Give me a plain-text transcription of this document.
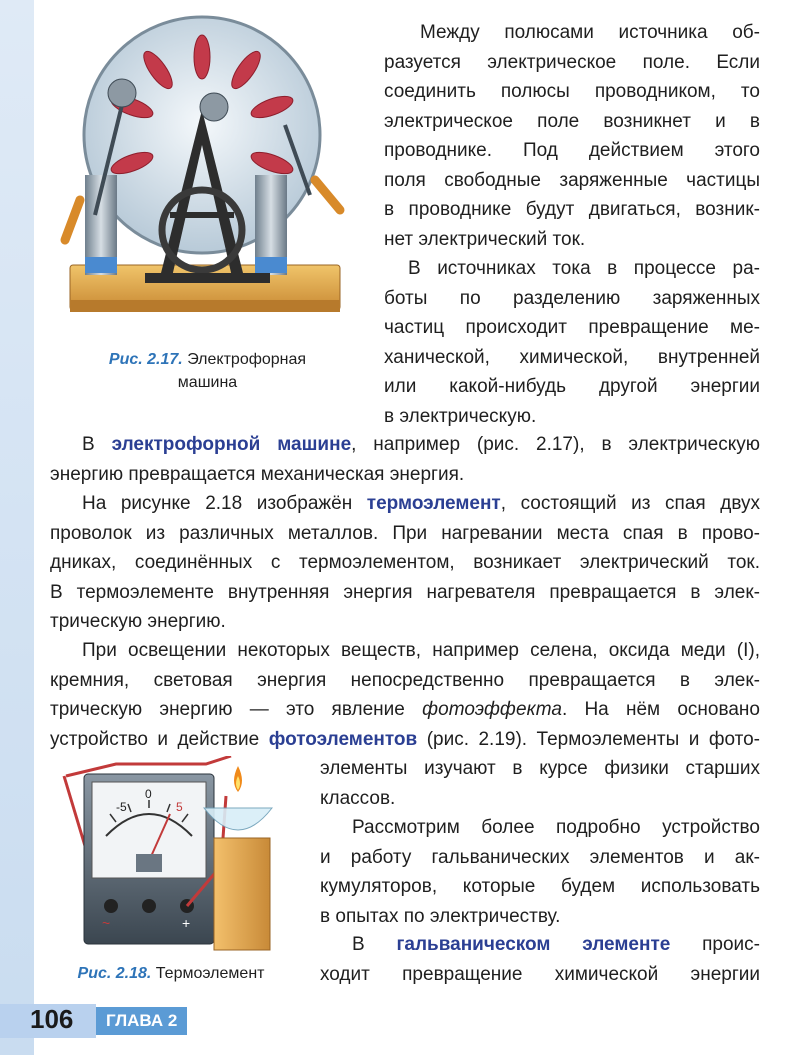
Рис. 2.17. Электрофорная
машина
Между полюсами источника об-
разуется электрическое поле. Если
соединить полюсы проводником, то
электрическое поле возникнет и в
проводнике. Под действием этого
поля свободные заряженные частицы
в проводнике будут двигаться, возник-
нет электрический ток.
В источниках тока в процессе ра-
боты по разделению заряженных
частиц происходит превращение ме-
ханической, химической, внутренней
или какой-нибудь другой энергии
в электрическую.
В электрофорной машине, например (рис. 2.17), в электрическую
энергию превращается механическая энергия.
На рисунке 2.18 изображён термоэлемент, состоящий из спая двух
проволок из различных металлов. При нагревании места спая в прово-
дниках, соединённых с термоэлементом, возникает электрический ток.
В термоэлементе внутренняя энергия нагревателя превращается в элек-
трическую энергию.
При освещении некоторых веществ, например селена, оксида меди (I),
кремния, световая энергия непосредственно превращается в элек-
трическую энергию — это явление фотоэффекта. На нём основано
устройство и действие фотоэлементов (рис. 2.19). Термоэлементы и фото-
элементы изучают в курсе физики старших
классов.
Рассмотрим более подробно устройство
и работу гальванических элементов и ак-
кумуляторов, которые будем использовать
в опытах по электричеству.
В гальваническом элементе проис-
ходит превращение химической энергии
-5
0
5
~	+
Рис. 2.18. Термоэлемент
106	ГЛАВА 2
